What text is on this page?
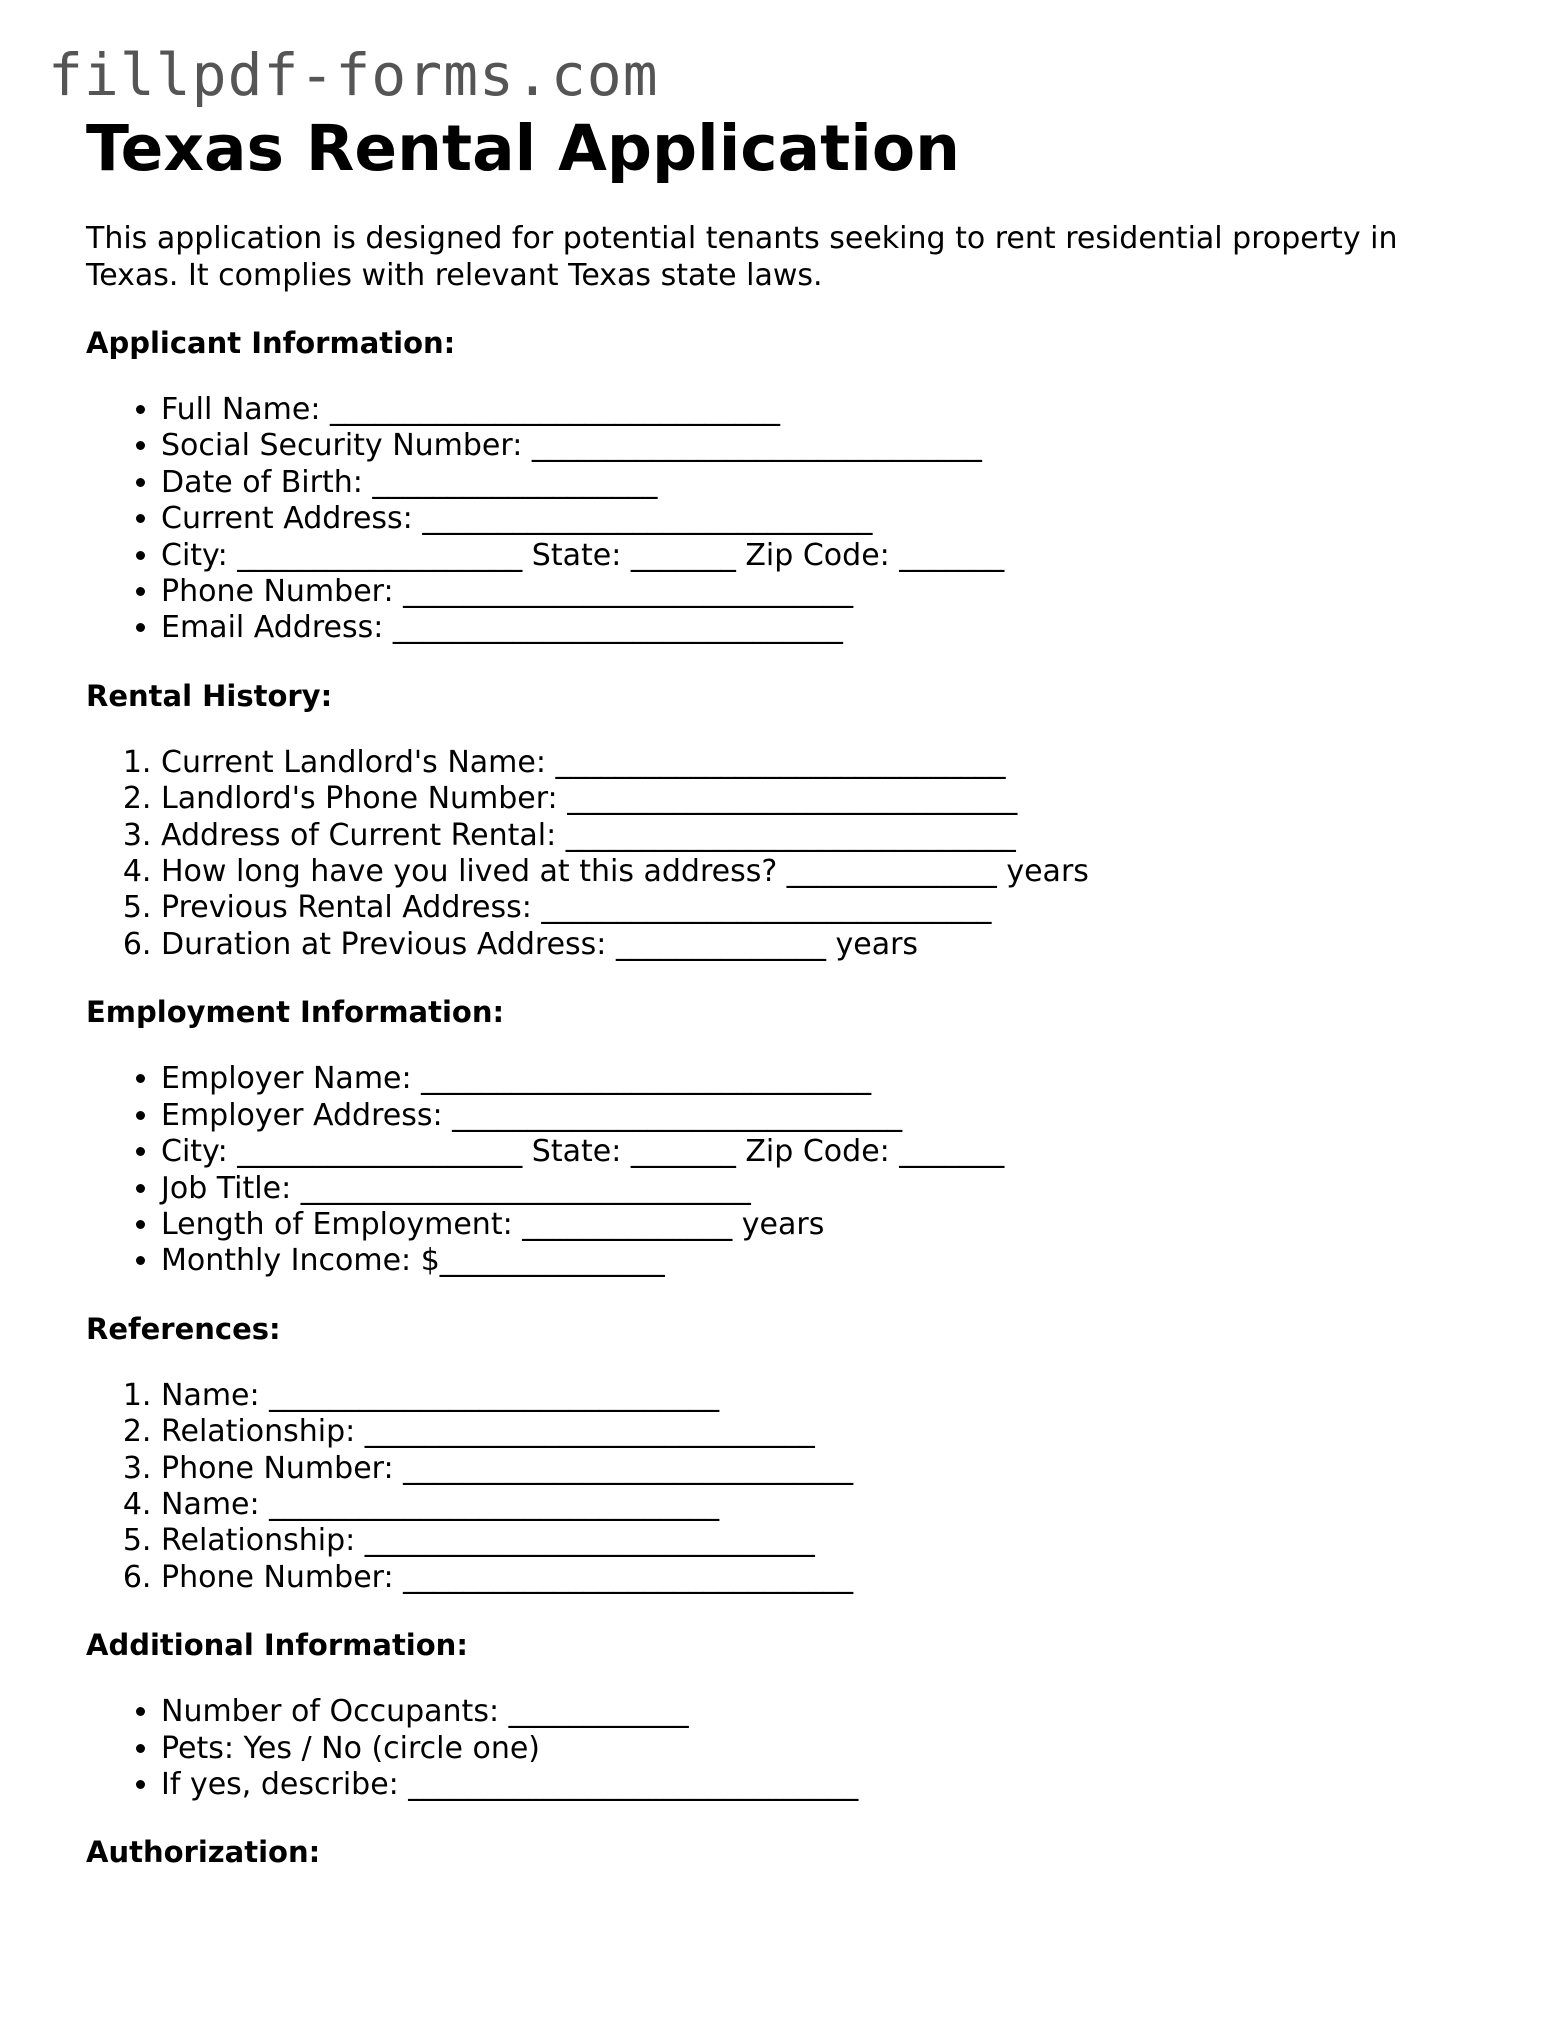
fillpdf-forms.com
Texas Rental Application

This application is designed for potential tenants seeking to rent residential property in Texas. It complies with relevant Texas state laws.

Applicant Information:
• Full Name: ______________________________
• Social Security Number: ______________________________
• Date of Birth: ___________________
• Current Address: ______________________________
• City: ___________________ State: _______ Zip Code: _______
• Phone Number: ______________________________
• Email Address: ______________________________
Rental History:
1. Current Landlord's Name: ______________________________
2. Landlord's Phone Number: ______________________________
3. Address of Current Rental: ______________________________
4. How long have you lived at this address? ______________ years
5. Previous Rental Address: ______________________________
6. Duration at Previous Address: ______________ years
Employment Information:
• Employer Name: ______________________________
• Employer Address: ______________________________
• City: ___________________ State: _______ Zip Code: _______
• Job Title: ______________________________
• Length of Employment: ______________ years
• Monthly Income: $_______________
References:
1. Name: ______________________________
2. Relationship: ______________________________
3. Phone Number: ______________________________
4. Name: ______________________________
5. Relationship: ______________________________
6. Phone Number: ______________________________
Additional Information:
• Number of Occupants: ____________
• Pets: Yes / No (circle one)
• If yes, describe: ______________________________
Authorization:
